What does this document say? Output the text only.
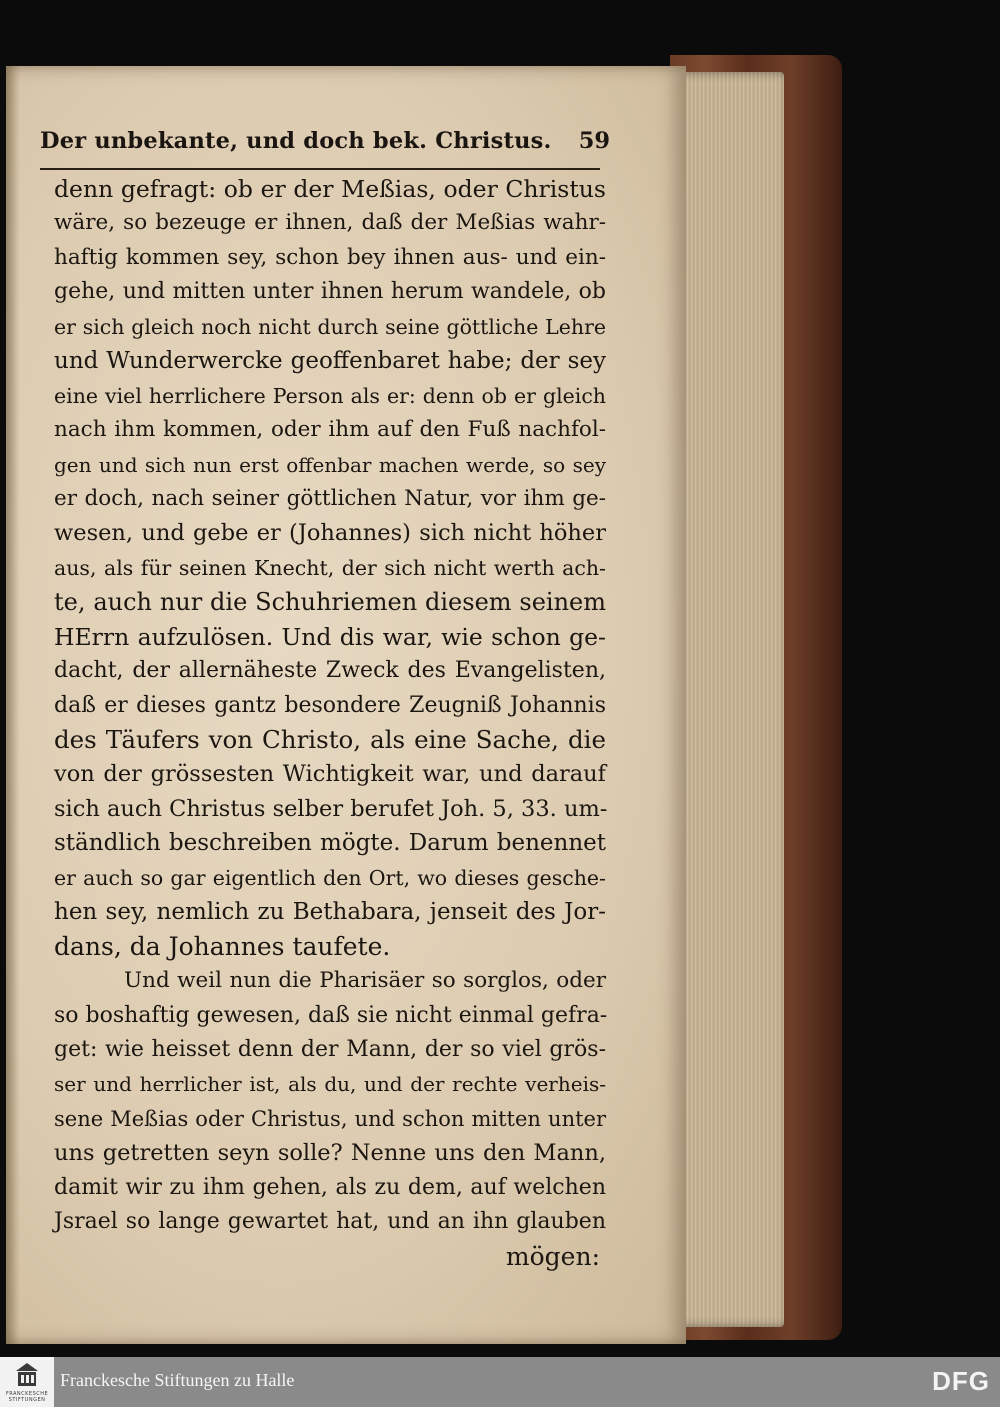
Der unbekante, und doch bek. Christus. 59
denn gefragt: ob er der Meßias, oder Christus
wäre, so bezeuge er ihnen, daß der Meßias wahr-
haftig kommen sey, schon bey ihnen aus- und ein-
gehe, und mitten unter ihnen herum wandele, ob
er sich gleich noch nicht durch seine göttliche Lehre
und Wunderwercke geoffenbaret habe; der sey
eine viel herrlichere Person als er: denn ob er gleich
nach ihm kommen, oder ihm auf den Fuß nachfol-
gen und sich nun erst offenbar machen werde, so sey
er doch, nach seiner göttlichen Natur, vor ihm ge-
wesen, und gebe er (Johannes) sich nicht höher
aus, als für seinen Knecht, der sich nicht werth ach-
te, auch nur die Schuhriemen diesem seinem
HErrn aufzulösen. Und dis war, wie schon ge-
dacht, der allernäheste Zweck des Evangelisten,
daß er dieses gantz besondere Zeugniß Johannis
des Täufers von Christo, als eine Sache, die
von der grössesten Wichtigkeit war, und darauf
sich auch Christus selber berufet Joh. 5, 33. um-
ständlich beschreiben mögte. Darum benennet
er auch so gar eigentlich den Ort, wo dieses gesche-
hen sey, nemlich zu Bethabara, jenseit des Jor-
dans, da Johannes taufete.
Und weil nun die Pharisäer so sorglos, oder
so boshaftig gewesen, daß sie nicht einmal gefra-
get: wie heisset denn der Mann, der so viel grös-
ser und herrlicher ist, als du, und der rechte verheis-
sene Meßias oder Christus, und schon mitten unter
uns getretten seyn solle? Nenne uns den Mann,
damit wir zu ihm gehen, als zu dem, auf welchen
Jsrael so lange gewartet hat, und an ihn glauben
mögen:
FRANCKESCHE STIFTUNGEN
Franckesche Stiftungen zu Halle	DFG
